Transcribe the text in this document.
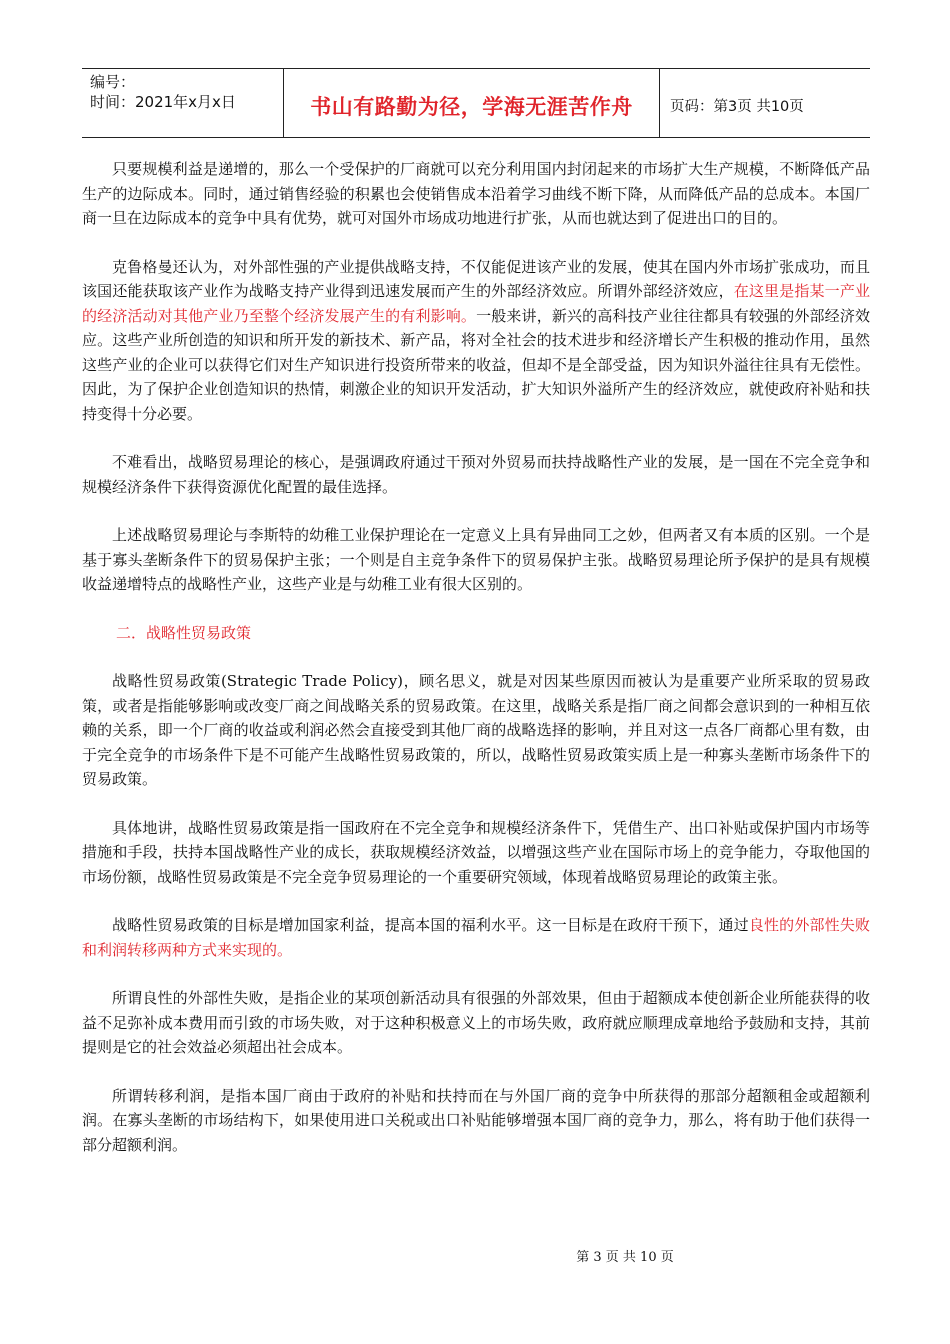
编号：
时间：2021年x月x日	书山有路勤为径，学海无涯苦作舟	页码：第3页 共10页

只要规模利益是递增的，那么一个受保护的厂商就可以充分利用国内封闭起来的市场扩大生产规模，不断降低产品生产的边际成本。同时，通过销售经验的积累也会使销售成本沿着学习曲线不断下降，从而降低产品的总成本。本国厂商一旦在边际成本的竞争中具有优势，就可对国外市场成功地进行扩张，从而也就达到了促进出口的目的。

克鲁格曼还认为，对外部性强的产业提供战略支持，不仅能促进该产业的发展，使其在国内外市场扩张成功，而且该国还能获取该产业作为战略支持产业得到迅速发展而产生的外部经济效应。所谓外部经济效应，在这里是指某一产业的经济活动对其他产业乃至整个经济发展产生的有利影响。一般来讲，新兴的高科技产业往往都具有较强的外部经济效应。这些产业所创造的知识和所开发的新技术、新产品，将对全社会的技术进步和经济增长产生积极的推动作用，虽然这些产业的企业可以获得它们对生产知识进行投资所带来的收益，但却不是全部受益，因为知识外溢往往具有无偿性。因此，为了保护企业创造知识的热情，刺激企业的知识开发活动，扩大知识外溢所产生的经济效应，就使政府补贴和扶持变得十分必要。

不难看出，战略贸易理论的核心，是强调政府通过干预对外贸易而扶持战略性产业的发展，是一国在不完全竞争和规模经济条件下获得资源优化配置的最佳选择。

上述战略贸易理论与李斯特的幼稚工业保护理论在一定意义上具有异曲同工之妙，但两者又有本质的区别。一个是基于寡头垄断条件下的贸易保护主张；一个则是自主竞争条件下的贸易保护主张。战略贸易理论所予保护的是具有规模收益递增特点的战略性产业，这些产业是与幼稚工业有很大区别的。

二．战略性贸易政策

战略性贸易政策(Strategic Trade Policy)，顾名思义，就是对因某些原因而被认为是重要产业所采取的贸易政策，或者是指能够影响或改变厂商之间战略关系的贸易政策。在这里，战略关系是指厂商之间都会意识到的一种相互依赖的关系，即一个厂商的收益或利润必然会直接受到其他厂商的战略选择的影响，并且对这一点各厂商都心里有数，由于完全竞争的市场条件下是不可能产生战略性贸易政策的，所以，战略性贸易政策实质上是一种寡头垄断市场条件下的贸易政策。

具体地讲，战略性贸易政策是指一国政府在不完全竞争和规模经济条件下，凭借生产、出口补贴或保护国内市场等措施和手段，扶持本国战略性产业的成长，获取规模经济效益，以增强这些产业在国际市场上的竞争能力，夺取他国的市场份额，战略性贸易政策是不完全竞争贸易理论的一个重要研究领域，体现着战略贸易理论的政策主张。

战略性贸易政策的目标是增加国家利益，提高本国的福利水平。这一目标是在政府干预下，通过良性的外部性失败和利润转移两种方式来实现的。

所谓良性的外部性失败，是指企业的某项创新活动具有很强的外部效果，但由于超额成本使创新企业所能获得的收益不足弥补成本费用而引致的市场失败，对于这种积极意义上的市场失败，政府就应顺理成章地给予鼓励和支持，其前提则是它的社会效益必须超出社会成本。

所谓转移利润，是指本国厂商由于政府的补贴和扶持而在与外国厂商的竞争中所获得的那部分超额租金或超额利润。在寡头垄断的市场结构下，如果使用进口关税或出口补贴能够增强本国厂商的竞争力，那么，将有助于他们获得一部分超额利润。

第 3 页 共 10 页
